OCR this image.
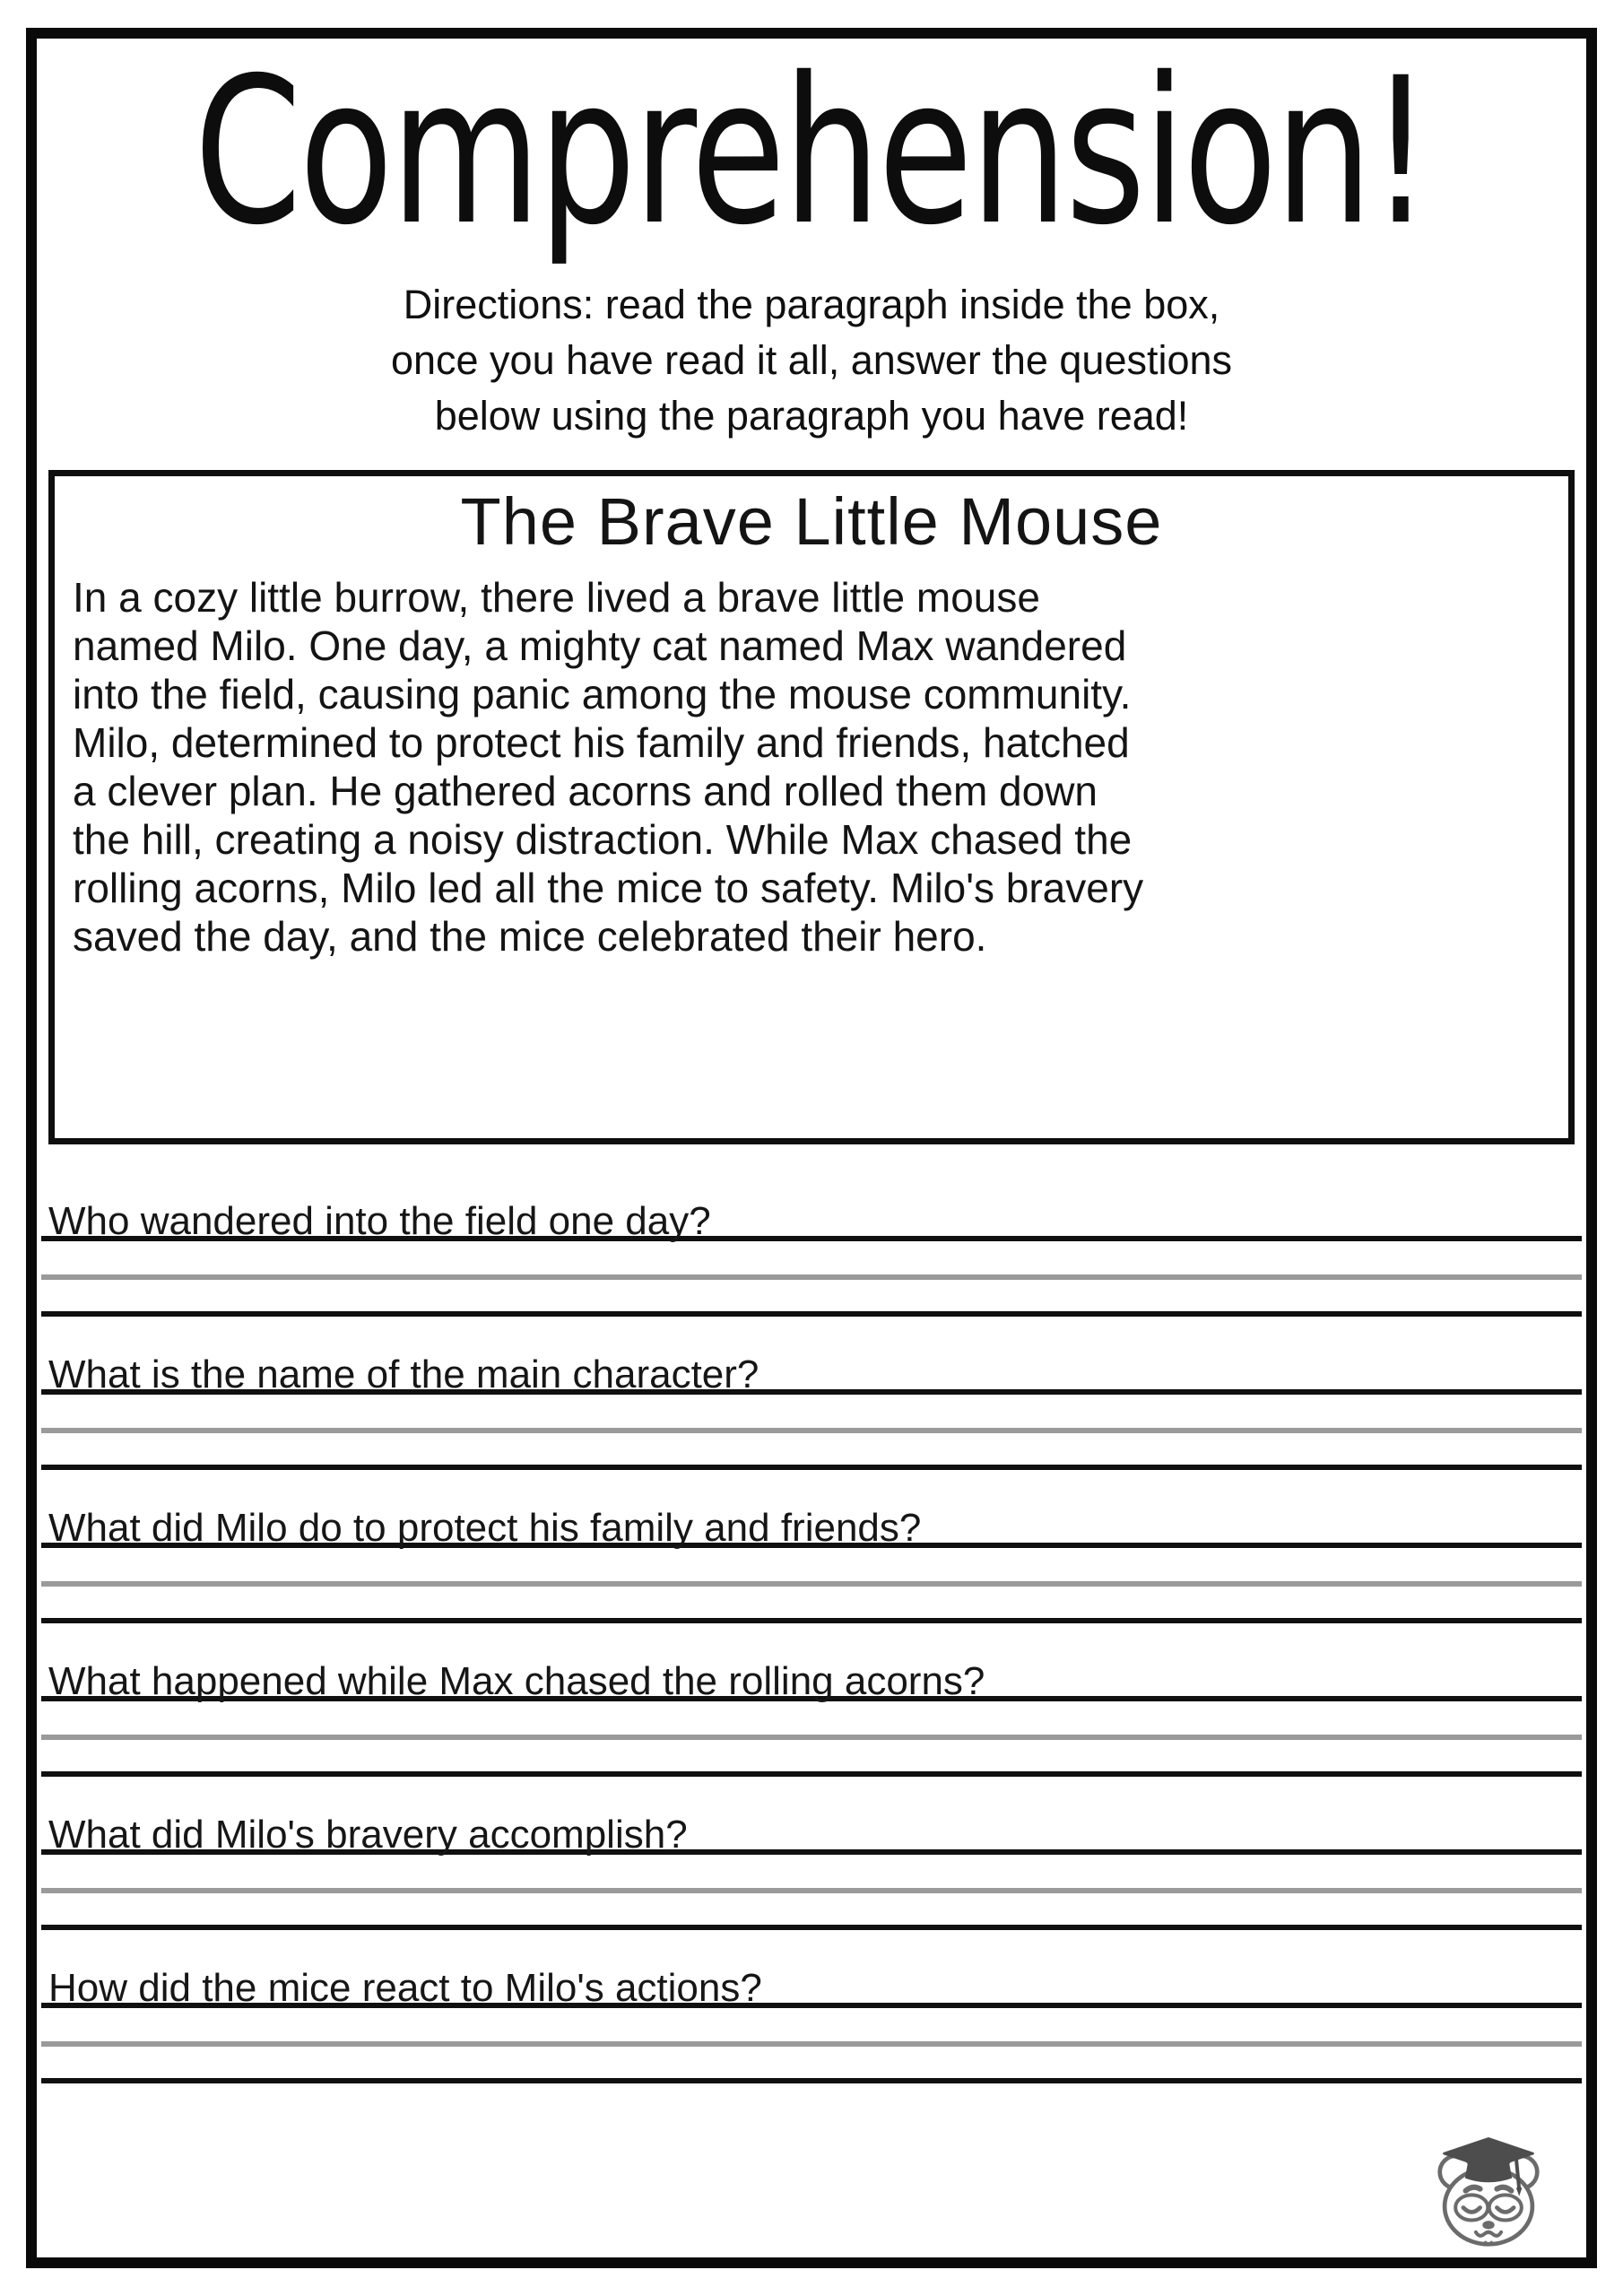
Comprehension!
Directions: read the paragraph inside the box,
once you have read it all, answer the questions
below using the paragraph you have read!
The Brave Little Mouse
In a cozy little burrow, there lived a brave little mouse
named Milo. One day, a mighty cat named Max wandered
into the field, causing panic among the mouse community.
Milo, determined to protect his family and friends, hatched
a clever plan. He gathered acorns and rolled them down
the hill, creating a noisy distraction. While Max chased the
rolling acorns, Milo led all the mice to safety. Milo's bravery
saved the day, and the mice celebrated their hero.
Who wandered into the field one day?
What is the name of the main character?
What did Milo do to protect his family and friends?
What happened while Max chased the rolling acorns?
What did Milo's bravery accomplish?
How did the mice react to Milo's actions?
